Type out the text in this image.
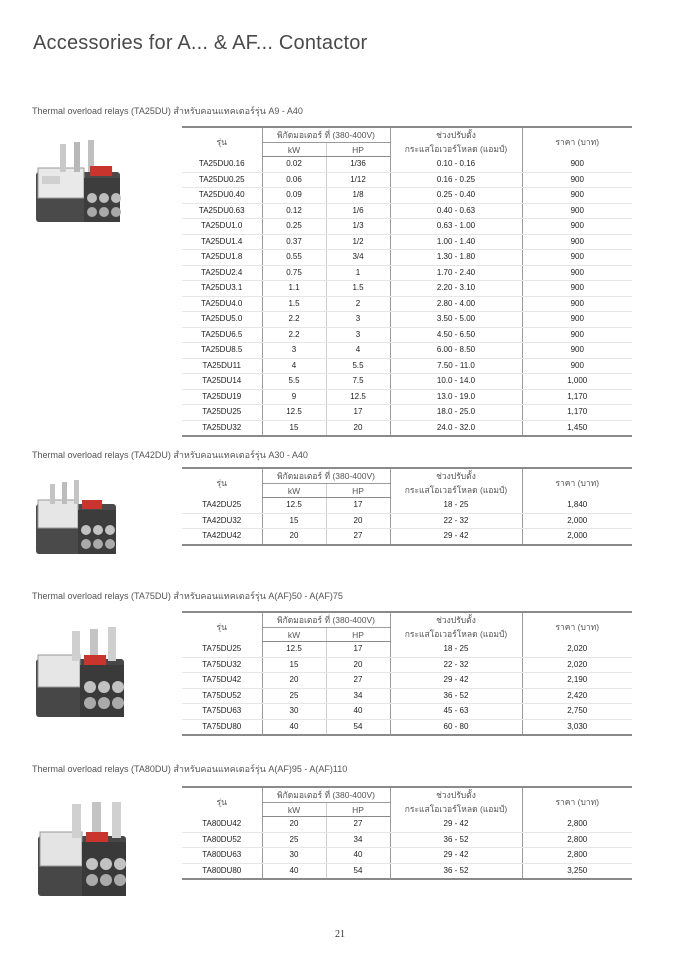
Accessories for A... & AF... Contactor
Thermal overload relays (TA25DU) สำหรับคอนแทคเตอร์รุ่น A9 - A40
รุ่น	พิกัดมอเตอร์ ที่ (380-400V)		ช่วงปรับตั้ง
กระแสโอเวอร์โหลด (แอมป์)	ราคา (บาท)
	kW	HP		
TA25DU0.16	0.02	1/36	0.10 - 0.16	900
TA25DU0.25	0.06	1/12	0.16 - 0.25	900
TA25DU0.40	0.09	1/8	0.25 - 0.40	900
TA25DU0.63	0.12	1/6	0.40 - 0.63	900
TA25DU1.0	0.25	1/3	0.63 - 1.00	900
TA25DU1.4	0.37	1/2	1.00 - 1.40	900
TA25DU1.8	0.55	3/4	1.30 - 1.80	900
TA25DU2.4	0.75	1	1.70 - 2.40	900
TA25DU3.1	1.1	1.5	2.20 - 3.10	900
TA25DU4.0	1.5	2	2.80 - 4.00	900
TA25DU5.0	2.2	3	3.50 - 5.00	900
TA25DU6.5	2.2	3	4.50 - 6.50	900
TA25DU8.5	3	4	6.00 - 8.50	900
TA25DU11	4	5.5	7.50 - 11.0	900
TA25DU14	5.5	7.5	10.0 - 14.0	1,000
TA25DU19	9	12.5	13.0 - 19.0	1,170
TA25DU25	12.5	17	18.0 - 25.0	1,170
TA25DU32	15	20	24.0 - 32.0	1,450
Thermal overload relays (TA42DU) สำหรับคอนแทคเตอร์รุ่น A30 - A40
รุ่น	พิกัดมอเตอร์ ที่ (380-400V)		ช่วงปรับตั้ง
กระแสโอเวอร์โหลด (แอมป์)	ราคา (บาท)
	kW	HP		
TA42DU25	12.5	17	18 - 25	1,840
TA42DU32	15	20	22 - 32	2,000
TA42DU42	20	27	29 - 42	2,000
Thermal overload relays (TA75DU) สำหรับคอนแทคเตอร์รุ่น A(AF)50 - A(AF)75
รุ่น	พิกัดมอเตอร์ ที่ (380-400V)		ช่วงปรับตั้ง
กระแสโอเวอร์โหลด (แอมป์)	ราคา (บาท)
	kW	HP		
TA75DU25	12.5	17	18 - 25	2,020
TA75DU32	15	20	22 - 32	2,020
TA75DU42	20	27	29 - 42	2,190
TA75DU52	25	34	36 - 52	2,420
TA75DU63	30	40	45 - 63	2,750
TA75DU80	40	54	60 - 80	3,030
Thermal overload relays (TA80DU) สำหรับคอนแทคเตอร์รุ่น A(AF)95 - A(AF)110
รุ่น	พิกัดมอเตอร์ ที่ (380-400V)		ช่วงปรับตั้ง
กระแสโอเวอร์โหลด (แอมป์)	ราคา (บาท)
	kW	HP		
TA80DU42	20	27	29 - 42	2,800
TA80DU52	25	34	36 - 52	2,800
TA80DU63	30	40	29 - 42	2,800
TA80DU80	40	54	36 - 52	3,250
21
